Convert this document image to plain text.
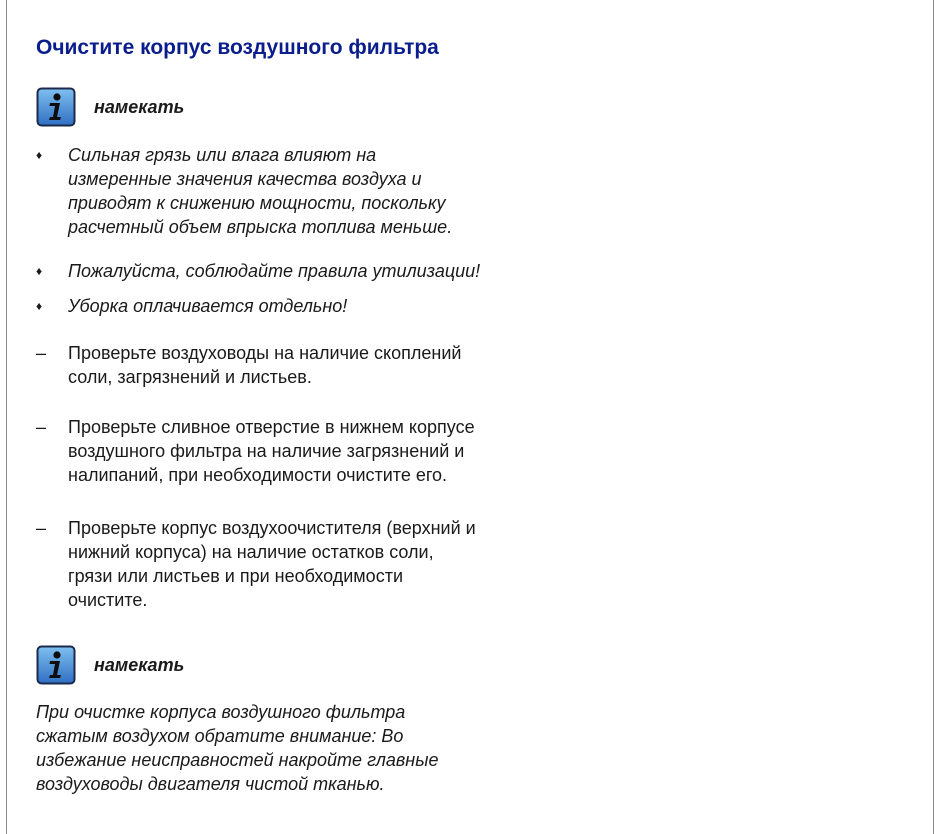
Очистите корпус воздушного фильтра
намекать
♦	Сильная грязь или влага влияют на
измеренные значения качества воздуха и
приводят к снижению мощности, поскольку
расчетный объем впрыска топлива меньше.
♦	Пожалуйста, соблюдайте правила утилизации!
♦	Уборка оплачивается отдельно!
–	Проверьте воздуховоды на наличие скоплений
соли, загрязнений и листьев.
–	Проверьте сливное отверстие в нижнем корпусе
воздушного фильтра на наличие загрязнений и
налипаний, при необходимости очистите его.
–	Проверьте корпус воздухоочистителя (верхний и
нижний корпуса) на наличие остатков соли,
грязи или листьев и при необходимости
очистите.
намекать
При очистке корпуса воздушного фильтра
сжатым воздухом обратите внимание: Во
избежание неисправностей накройте главные
воздуховоды двигателя чистой тканью.
